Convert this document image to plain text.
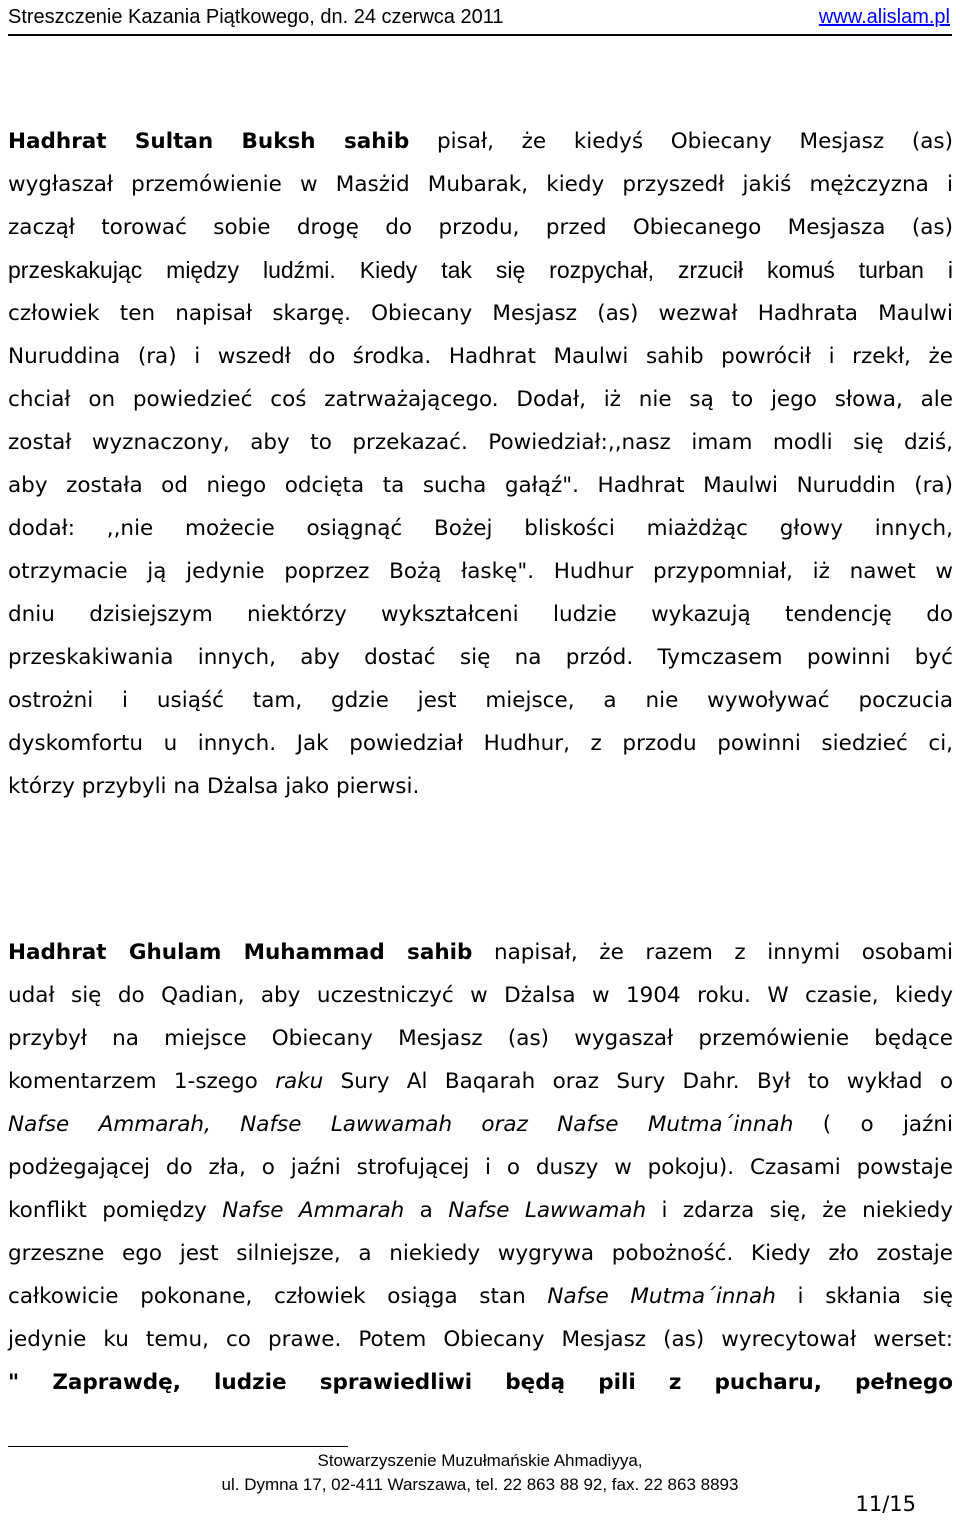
Streszczenie Kazania Piątkowego, dn. 24 czerwca 2011	www.alislam.pl
Hadhrat Sultan Buksh sahib pisał, że kiedyś Obiecany Mesjasz (as)
wygłaszał przemówienie w Masżid Mubarak, kiedy przyszedł jakiś mężczyzna i
zaczął torować sobie drogę do przodu, przed Obiecanego Mesjasza (as)
przeskakując między ludźmi. Kiedy tak się rozpychał, zrzucił komuś turban i
człowiek ten napisał skargę. Obiecany Mesjasz (as) wezwał Hadhrata Maulwi
Nuruddina (ra) i wszedł do środka. Hadhrat Maulwi sahib powrócił i rzekł, że
chciał on powiedzieć coś zatrważającego. Dodał, iż nie są to jego słowa, ale
został wyznaczony, aby to przekazać. Powiedział:,,nasz imam modli się dziś,
aby została od niego odcięta ta sucha gałąź". Hadhrat Maulwi Nuruddin (ra)
dodał: ,,nie możecie osiągnąć Bożej bliskości miażdżąc głowy innych,
otrzymacie ją jedynie poprzez Bożą łaskę". Hudhur przypomniał, iż nawet w
dniu dzisiejszym niektórzy wykształceni ludzie wykazują tendencję do
przeskakiwania innych, aby dostać się na przód. Tymczasem powinni być
ostrożni i usiąść tam, gdzie jest miejsce, a nie wywoływać poczucia
dyskomfortu u innych. Jak powiedział Hudhur, z przodu powinni siedzieć ci,
którzy przybyli na Dżalsa jako pierwsi.
Hadhrat Ghulam Muhammad sahib napisał, że razem z innymi osobami
udał się do Qadian, aby uczestniczyć w Dżalsa w 1904 roku. W czasie, kiedy
przybył na miejsce Obiecany Mesjasz (as) wygaszał przemówienie będące
komentarzem 1-szego raku Sury Al Baqarah oraz Sury Dahr. Był to wykład o
Nafse Ammarah, Nafse Lawwamah oraz Nafse Mutma´innah ( o jaźni
podżegającej do zła, o jaźni strofującej i o duszy w pokoju). Czasami powstaje
konflikt pomiędzy Nafse Ammarah a Nafse Lawwamah i zdarza się, że niekiedy
grzeszne ego jest silniejsze, a niekiedy wygrywa pobożność. Kiedy zło zostaje
całkowicie pokonane, człowiek osiąga stan Nafse Mutma´innah i skłania się
jedynie ku temu, co prawe. Potem Obiecany Mesjasz (as) wyrecytował werset:
" Zaprawdę, ludzie sprawiedliwi będą pili z pucharu, pełnego
Stowarzyszenie Muzułmańskie Ahmadiyya,
ul. Dymna 17, 02-411 Warszawa, tel. 22 863 88 92, fax. 22 863 8893
11/15
